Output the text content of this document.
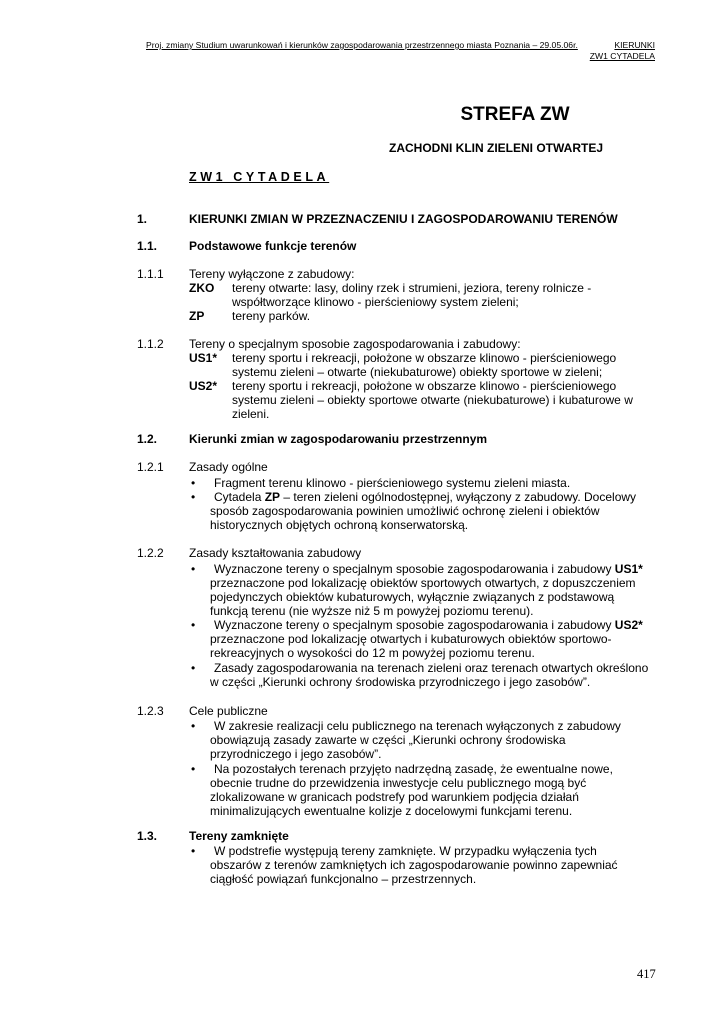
Proj. zmiany Studium uwarunkowań i kierunków zagospodarowania przestrzennego miasta Poznania – 29.05.06r.	KIERUNKI
ZW1 CYTADELA
STREFA ZW
ZACHODNI KLIN ZIELENI OTWARTEJ
ZW1 CYTADELA
1.	KIERUNKI ZMIAN W PRZEZNACZENIU I ZAGOSPODAROWANIU TERENÓW
1.1.	Podstawowe funkcje terenów
1.1.1 Tereny wyłączone z zabudowy:
ZKO tereny otwarte: lasy, doliny rzek i strumieni, jeziora, tereny rolnicze -
współtworzące klinowo - pierścieniowy system zieleni;
ZP tereny parków.
1.1.2 Tereny o specjalnym sposobie zagospodarowania i zabudowy:
US1* tereny sportu i rekreacji, położone w obszarze klinowo - pierścieniowego
systemu zieleni – otwarte (niekubaturowe) obiekty sportowe w zieleni;
US2* tereny sportu i rekreacji, położone w obszarze klinowo - pierścieniowego
systemu zieleni – obiekty sportowe otwarte (niekubaturowe) i kubaturowe w
zieleni.
1.2.	Kierunki zmian w zagospodarowaniu przestrzennym
1.2.1 Zasady ogólne
•	Fragment terenu klinowo - pierścieniowego systemu zieleni miasta.
•	Cytadela ZP – teren zieleni ogólnodostępnej, wyłączony z zabudowy. Docelowy
sposób zagospodarowania powinien umożliwić ochronę zieleni i obiektów
historycznych objętych ochroną konserwatorską.
1.2.2 Zasady kształtowania zabudowy
•	Wyznaczone tereny o specjalnym sposobie zagospodarowania i zabudowy US1*
przeznaczone pod lokalizację obiektów sportowych otwartych, z dopuszczeniem
pojedynczych obiektów kubaturowych, wyłącznie związanych z podstawową
funkcją terenu (nie wyższe niż 5 m powyżej poziomu terenu).
•	Wyznaczone tereny o specjalnym sposobie zagospodarowania i zabudowy US2*
przeznaczone pod lokalizację otwartych i kubaturowych obiektów sportowo-
rekreacyjnych o wysokości do 12 m powyżej poziomu terenu.
•	Zasady zagospodarowania na terenach zieleni oraz terenach otwartych określono
w części „Kierunki ochrony środowiska przyrodniczego i jego zasobów”.
1.2.3 Cele publiczne
•	W zakresie realizacji celu publicznego na terenach wyłączonych z zabudowy
obowiązują zasady zawarte w części „Kierunki ochrony środowiska
przyrodniczego i jego zasobów”.
•	Na pozostałych terenach przyjęto nadrzędną zasadę, że ewentualne nowe,
obecnie trudne do przewidzenia inwestycje celu publicznego mogą być
zlokalizowane w granicach podstrefy pod warunkiem podjęcia działań
minimalizujących ewentualne kolizje z docelowymi funkcjami terenu.
1.3.	Tereny zamknięte
•	W podstrefie występują tereny zamknięte. W przypadku wyłączenia tych
obszarów z terenów zamkniętych ich zagospodarowanie powinno zapewniać
ciągłość powiązań funkcjonalno – przestrzennych.
417
